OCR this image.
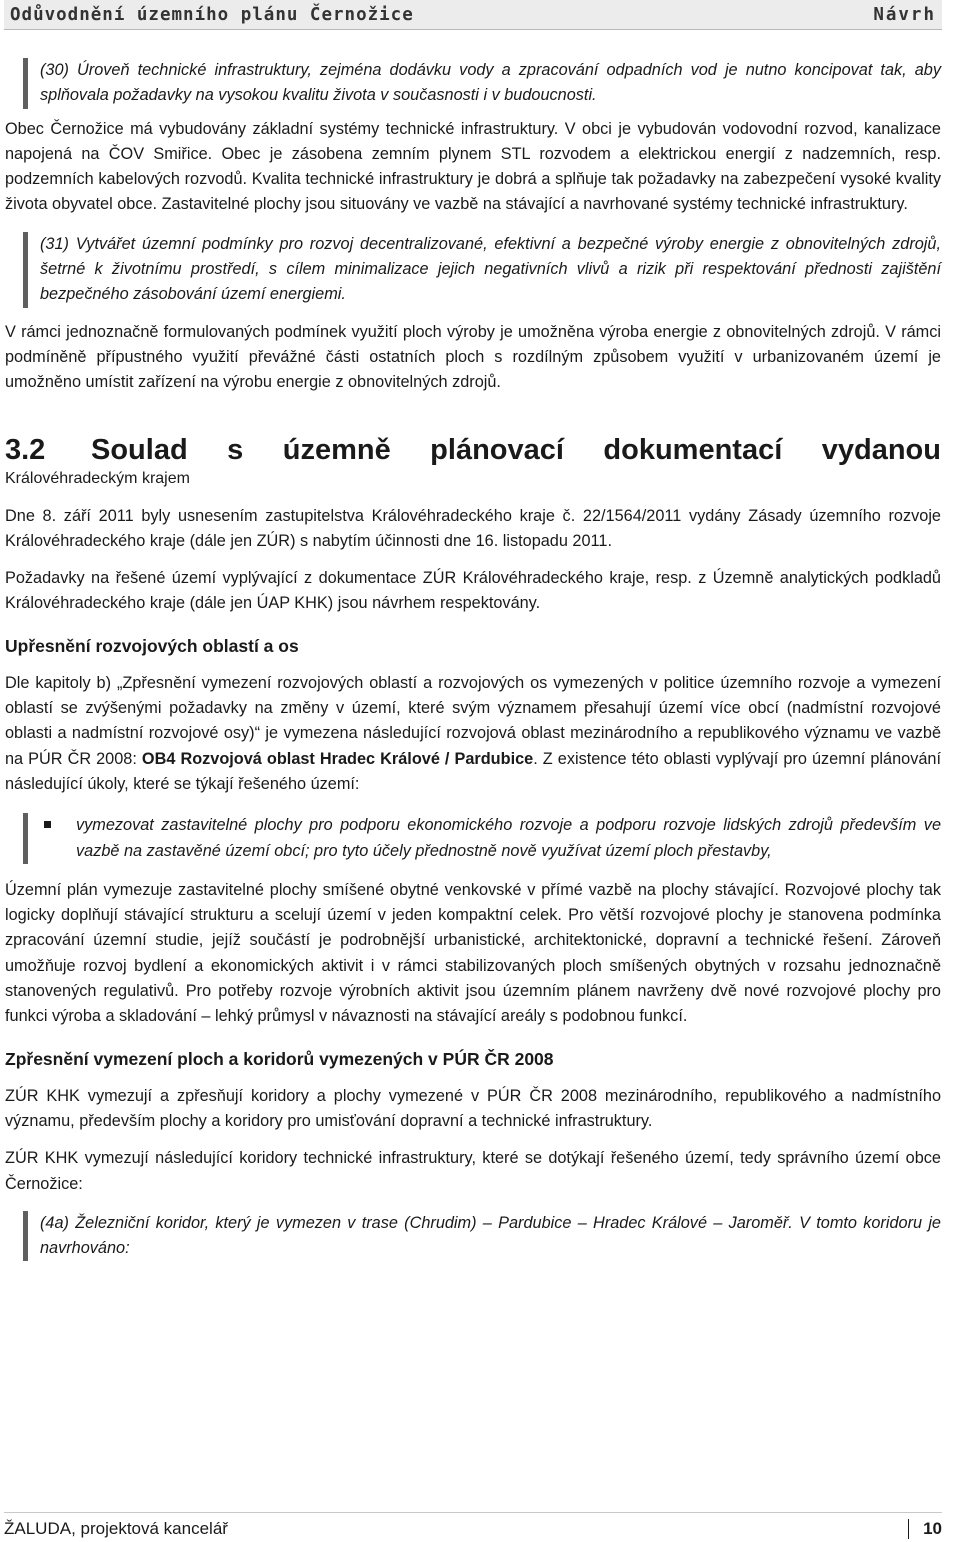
Odůvodnění územního plánu Černožice	Návrh

(30) Úroveň technické infrastruktury, zejména dodávku vody a zpracování odpadních vod je nutno koncipovat tak, aby splňovala požadavky na vysokou kvalitu života v současnosti i v budoucnosti.

Obec Černožice má vybudovány základní systémy technické infrastruktury. V obci je vybudován vodovodní rozvod, kanalizace napojená na ČOV Smiřice. Obec je zásobena zemním plynem STL rozvodem a elektrickou energií z nadzemních, resp. podzemních kabelových rozvodů. Kvalita technické infrastruktury je dobrá a splňuje tak požadavky na zabezpečení vysoké kvality života obyvatel obce. Zastavitelné plochy jsou situovány ve vazbě na stávající a navrhované systémy technické infrastruktury.

(31) Vytvářet územní podmínky pro rozvoj decentralizované, efektivní a bezpečné výroby energie z obnovitelných zdrojů, šetrné k životnímu prostředí, s cílem minimalizace jejich negativních vlivů a rizik při respektování přednosti zajištění bezpečného zásobování území energiemi.

V rámci jednoznačně formulovaných podmínek využití ploch výroby je umožněna výroba energie z obnovitelných zdrojů. V rámci podmíněně přípustného využití převážné části ostatních ploch s rozdílným způsobem využití v urbanizovaném území je umožněno umístit zařízení na výrobu energie z obnovitelných zdrojů.

3.2	Soulad s územně plánovací dokumentací vydanou
Královéhradeckým krajem

Dne 8. září 2011 byly usnesením zastupitelstva Královéhradeckého kraje č. 22/1564/2011 vydány Zásady územního rozvoje Královéhradeckého kraje (dále jen ZÚR) s nabytím účinnosti dne 16. listopadu 2011.

Požadavky na řešené území vyplývající z dokumentace ZÚR Královéhradeckého kraje, resp. z Územně analytických podkladů Královéhradeckého kraje (dále jen ÚAP KHK) jsou návrhem respektovány.

Upřesnění rozvojových oblastí a os

Dle kapitoly b) „Zpřesnění vymezení rozvojových oblastí a rozvojových os vymezených v politice územního rozvoje a vymezení oblastí se zvýšenými požadavky na změny v území, které svým významem přesahují území více obcí (nadmístní rozvojové oblasti a nadmístní rozvojové osy)“ je vymezena následující rozvojová oblast mezinárodního a republikového významu ve vazbě na PÚR ČR 2008: OB4 Rozvojová oblast Hradec Králové / Pardubice. Z existence této oblasti vyplývají pro územní plánování následující úkoly, které se týkají řešeného území:

vymezovat zastavitelné plochy pro podporu ekonomického rozvoje a podporu rozvoje lidských zdrojů především ve vazbě na zastavěné území obcí; pro tyto účely přednostně nově využívat území ploch přestavby,

Územní plán vymezuje zastavitelné plochy smíšené obytné venkovské v přímé vazbě na plochy stávající. Rozvojové plochy tak logicky doplňují stávající strukturu a scelují území v jeden kompaktní celek. Pro větší rozvojové plochy je stanovena podmínka zpracování územní studie, jejíž součástí je podrobnější urbanistické, architektonické, dopravní a technické řešení. Zároveň umožňuje rozvoj bydlení a ekonomických aktivit i v rámci stabilizovaných ploch smíšených obytných v rozsahu jednoznačně stanovených regulativů. Pro potřeby rozvoje výrobních aktivit jsou územním plánem navrženy dvě nové rozvojové plochy pro funkci výroba a skladování – lehký průmysl v návaznosti na stávající areály s podobnou funkcí.

Zpřesnění vymezení ploch a koridorů vymezených v PÚR ČR 2008

ZÚR KHK vymezují a zpřesňují koridory a plochy vymezené v PÚR ČR 2008 mezinárodního, republikového a nadmístního významu, především plochy a koridory pro umisťování dopravní a technické infrastruktury.

ZÚR KHK vymezují následující koridory technické infrastruktury, které se dotýkají řešeného území, tedy správního území obce Černožice:

(4a) Železniční koridor, který je vymezen v trase (Chrudim) – Pardubice – Hradec Králové – Jaroměř. V tomto koridoru je navrhováno:

ŽALUDA, projektová kancelář	10
